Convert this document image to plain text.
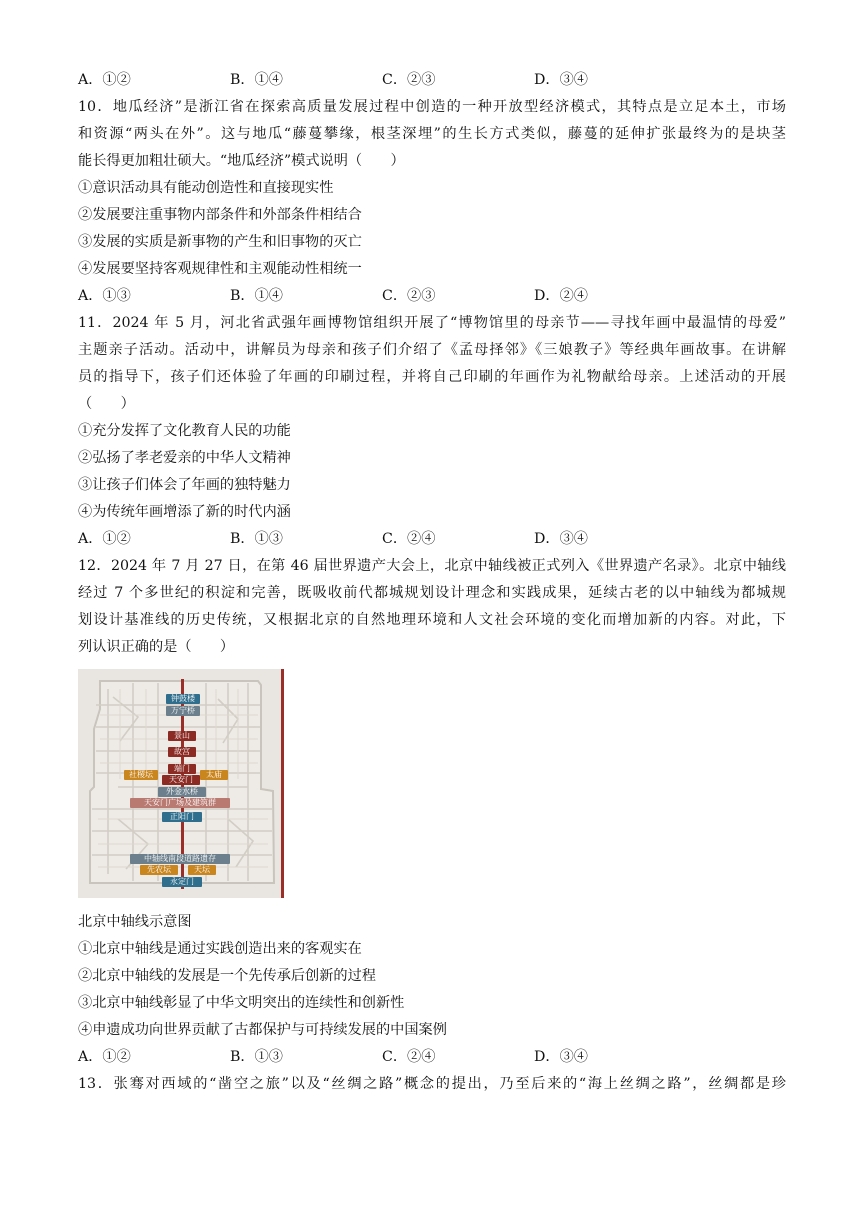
A．①②	B．①④	C．②③	D．③④
10．地瓜经济”是浙江省在探索高质量发展过程中创造的一种开放型经济模式，其特点是立足本土，市场
和资源“两头在外”。这与地瓜“藤蔓攀缘，根茎深埋”的生长方式类似，藤蔓的延伸扩张最终为的是块茎
能长得更加粗壮硕大。“地瓜经济”模式说明（　　）
①意识活动具有能动创造性和直接现实性
②发展要注重事物内部条件和外部条件相结合
③发展的实质是新事物的产生和旧事物的灭亡
④发展要坚持客观规律性和主观能动性相统一
A．①③	B．①④	C．②③	D．②④
11．2024 年 5 月，河北省武强年画博物馆组织开展了“博物馆里的母亲节——寻找年画中最温情的母爱”
主题亲子活动。活动中，讲解员为母亲和孩子们介绍了《孟母择邻》《三娘教子》等经典年画故事。在讲解
员的指导下，孩子们还体验了年画的印刷过程，并将自己印刷的年画作为礼物献给母亲。上述活动的开展
（　　）
①充分发挥了文化教育人民的功能
②弘扬了孝老爱亲的中华人文精神
③让孩子们体会了年画的独特魅力
④为传统年画增添了新的时代内涵
A．①②	B．①③	C．②④	D．③④
12．2024 年 7 月 27 日，在第 46 届世界遗产大会上，北京中轴线被正式列入《世界遗产名录》。北京中轴线
经过 7 个多世纪的积淀和完善，既吸收前代都城规划设计理念和实践成果，延续古老的以中轴线为都城规
划设计基准线的历史传统，又根据北京的自然地理环境和人文社会环境的变化而增加新的内容。对此，下
列认识正确的是（　　）
钟鼓楼
万宁桥
景山
故宫
端门
社稷坛
天安门
太庙
外金水桥
天安门广场及建筑群
正阳门
中轴线南段道路遗存
先农坛	天坛
永定门
北京中轴线示意图
①北京中轴线是通过实践创造出来的客观实在
②北京中轴线的发展是一个先传承后创新的过程
③北京中轴线彰显了中华文明突出的连续性和创新性
④申遗成功向世界贡献了古都保护与可持续发展的中国案例
A．①②	B．①③	C．②④	D．③④
13．张骞对西域的“凿空之旅”以及“丝绸之路”概念的提出，乃至后来的“海上丝绸之路”，丝绸都是珍
